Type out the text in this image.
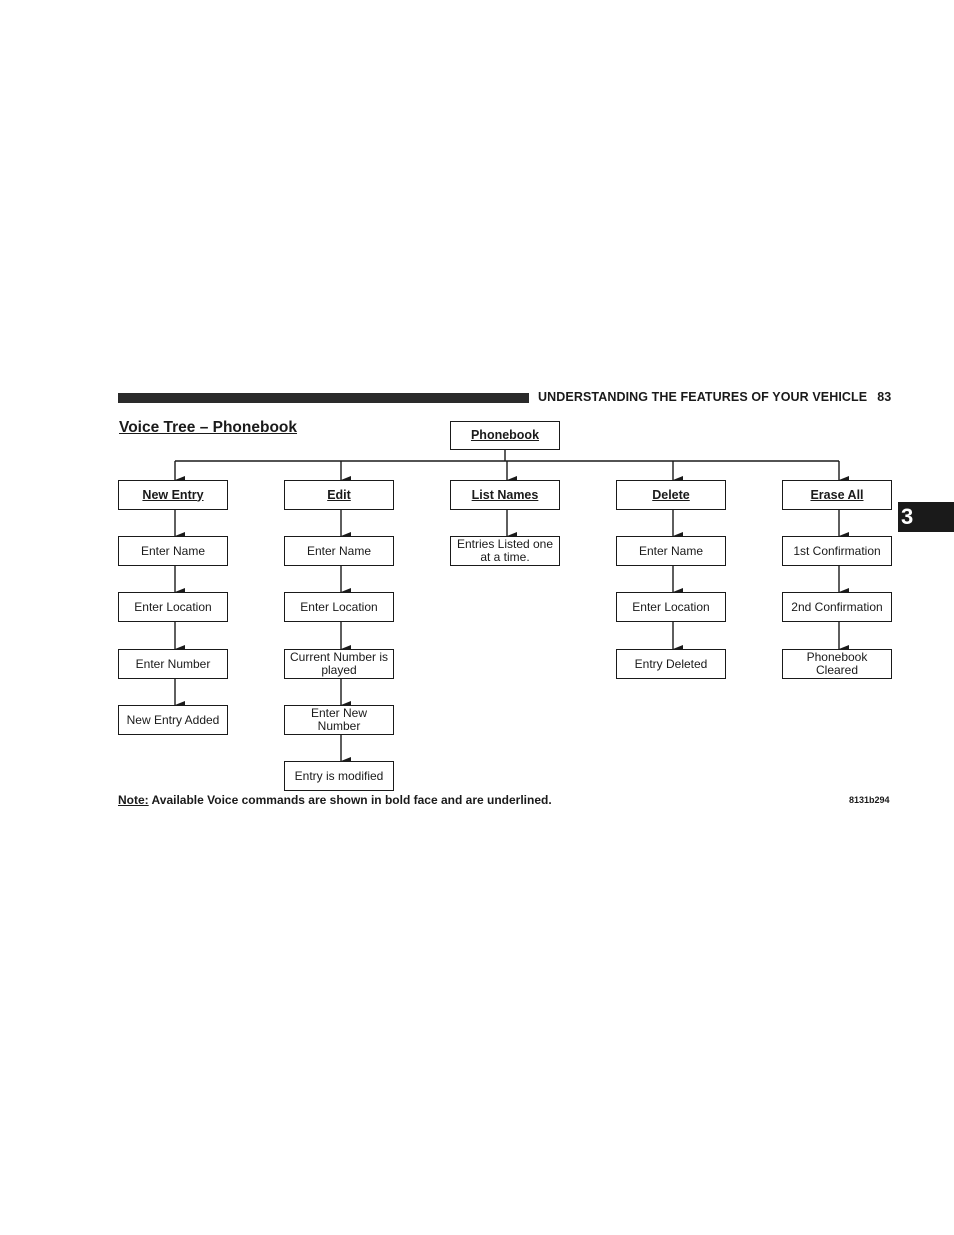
UNDERSTANDING THE FEATURES OF YOUR VEHICLE 83
3
Voice Tree – Phonebook	Phonebook
New Entry
Enter Name
Enter Location
Enter Number
New Entry Added
Edit
Enter Name
Enter Location
Current Number is played
Enter New Number
Entry is modified
List Names
Entries Listed one at a time.
Delete
Enter Name
Enter Location
Entry Deleted
Erase All
1st Confirmation
2nd Confirmation
Phonebook Cleared
Note: Available Voice commands are shown in bold face and are underlined.	8131b294
